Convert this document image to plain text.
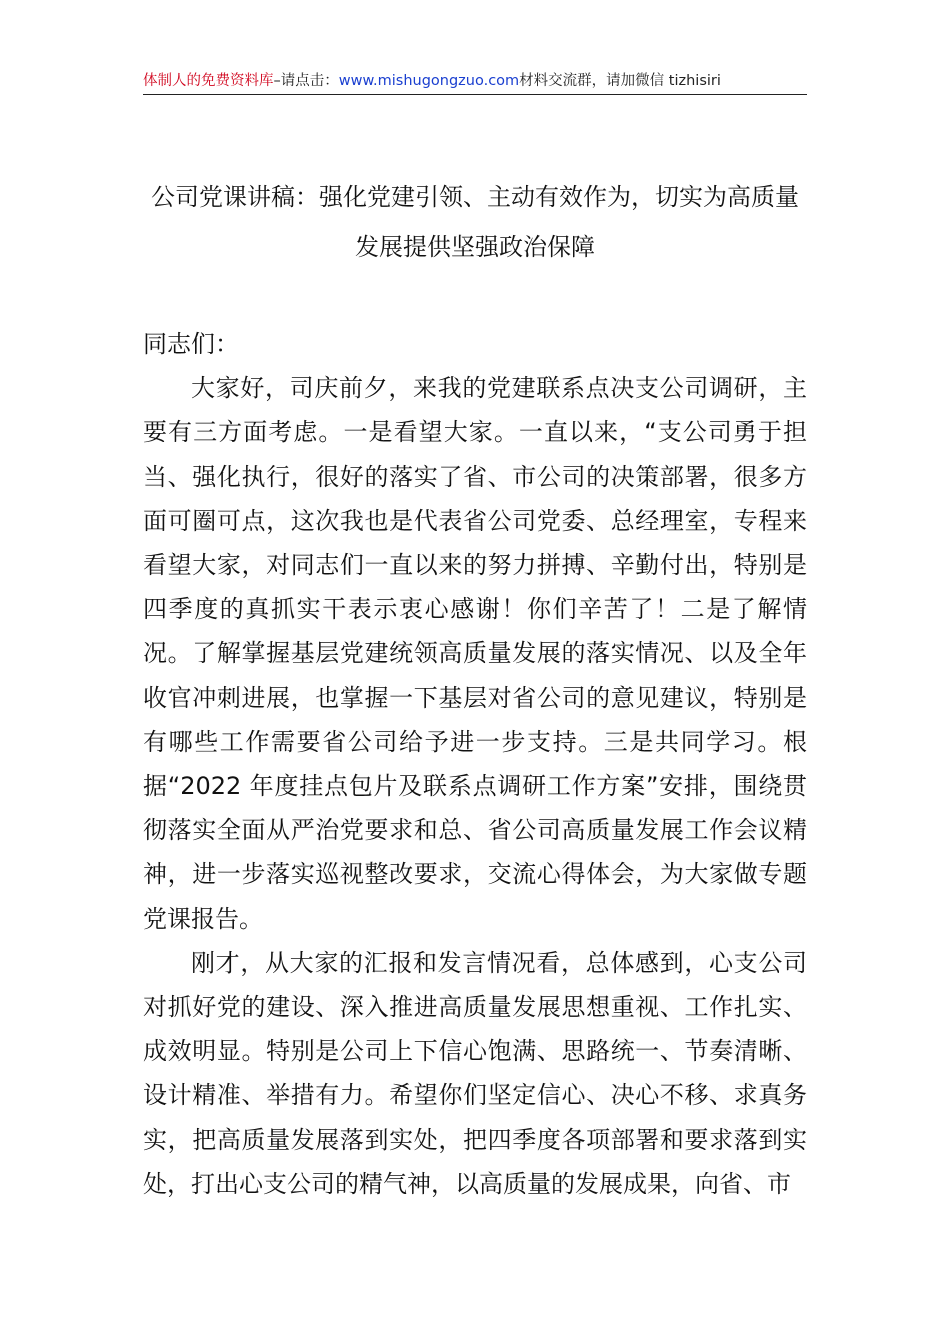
体制人的免费资料库–请点击：www.mishugongzuo.com材料交流群，请加微信 tizhisiri
公司党课讲稿：强化党建引领、主动有效作为，切实为高质量
发展提供坚强政治保障

同志们：

大家好，司庆前夕，来我的党建联系点决支公司调研，主要有三方面考虑。一是看望大家。一直以来，“支公司勇于担当、强化执行，很好的落实了省、市公司的决策部署，很多方面可圈可点，这次我也是代表省公司党委、总经理室，专程来看望大家，对同志们一直以来的努力拼搏、辛勤付出，特别是四季度的真抓实干表示衷心感谢！你们辛苦了！二是了解情况。了解掌握基层党建统领高质量发展的落实情况、以及全年收官冲刺进展，也掌握一下基层对省公司的意见建议，特别是有哪些工作需要省公司给予进一步支持。三是共同学习。根据“2022 年度挂点包片及联系点调研工作方案”安排，围绕贯彻落实全面从严治党要求和总、省公司高质量发展工作会议精神，进一步落实巡视整改要求，交流心得体会，为大家做专题党课报告。

刚才，从大家的汇报和发言情况看，总体感到，心支公司对抓好党的建设、深入推进高质量发展思想重视、工作扎实、成效明显。特别是公司上下信心饱满、思路统一、节奏清晰、设计精准、举措有力。希望你们坚定信心、决心不移、求真务实，把高质量发展落到实处，把四季度各项部署和要求落到实处，打出心支公司的精气神，以高质量的发展成果，向省、市
